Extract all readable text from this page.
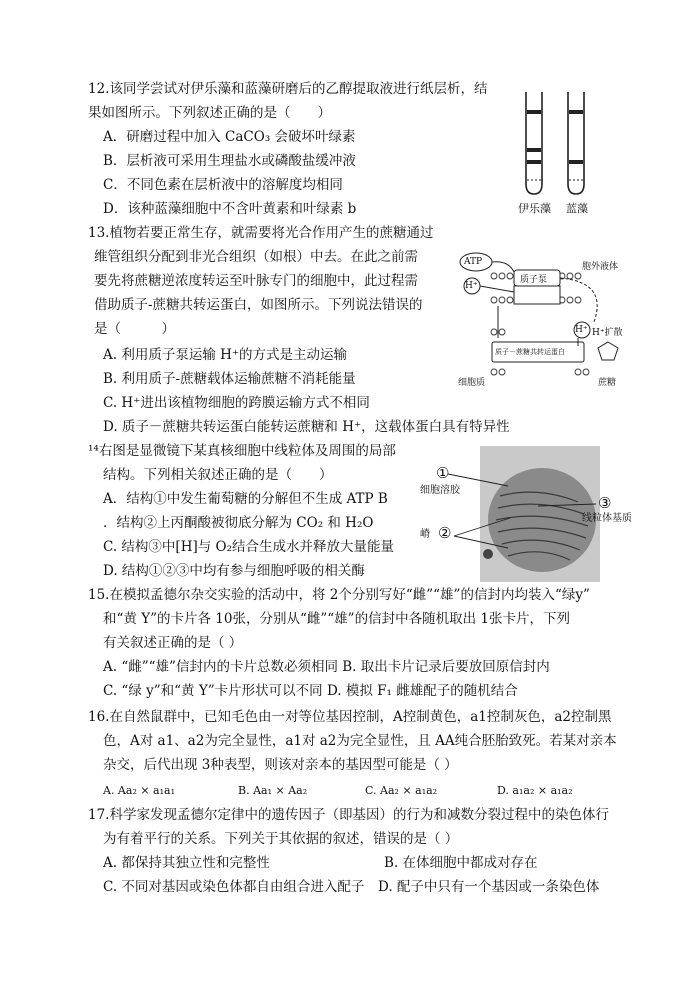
12.该同学尝试对伊乐藻和蓝藻研磨后的乙醇提取液进行纸层析，结
果如图所示。下列叙述正确的是（　　）
A．研磨过程中加入 CaCO₃ 会破坏叶绿素
B．层析液可采用生理盐水或磷酸盐缓冲液
C．不同色素在层析液中的溶解度均相同
D．该种蓝藻细胞中不含叶黄素和叶绿素 b	伊乐藻 蓝藻
13.植物若要正常生存，就需要将光合作用产生的蔗糖通过
维管组织分配到非光合组织（如根）中去。在此之前需
要先将蔗糖逆浓度转运至叶脉专门的细胞中，此过程需
借助质子-蔗糖共转运蛋白，如图所示。下列说法错误的
是（　　　）
A. 利用质子泵运输 H⁺的方式是主动运输
B. 利用质子-蔗糖载体运输蔗糖不消耗能量
C. H⁺进出该植物细胞的跨膜运输方式不相同
D. 质子－蔗糖共转运蛋白能转运蔗糖和 H⁺，这载体蛋白具有特异性
ATP
H⁺
质子泵
胞外液体
质子－蔗糖共转运蛋白
H⁺ H⁺扩散
细胞质	蔗糖
¹⁴右图是显微镜下某真核细胞中线粒体及周围的局部
结构。下列相关叙述正确的是（　　）
A．结构①中发生葡萄糖的分解但不生成 ATP B
．结构②上丙酮酸被彻底分解为 CO₂ 和 H₂O
C. 结构③中[H]与 O₂结合生成水并释放大量能量
D. 结构①②③中均有参与细胞呼吸的相关酶
①
细胞溶胶
③
线粒体基质
嵴 ②
15.在模拟孟德尔杂交实验的活动中，将 2个分别写好“雌”“雄”的信封内均装入“绿y”
和“黄 Y”的卡片各 10张，分别从“雌”“雄”的信封中各随机取出 1张卡片，下列
有关叙述正确的是（ ）
A. “雌”“雄”信封内的卡片总数必须相同 B. 取出卡片记录后要放回原信封内
C. “绿 y”和“黄 Y”卡片形状可以不同 D. 模拟 F₁ 雌雄配子的随机结合
16.在自然鼠群中，已知毛色由一对等位基因控制，A控制黄色，a1控制灰色，a2控制黑
色，A对 a1、a2为完全显性，a1对 a2为完全显性，且 AA纯合胚胎致死。若某对亲本
杂交，后代出现 3种表型，则该对亲本的基因型可能是（ ）
A. Aa₂ × a₁a₁	B. Aa₁ × Aa₂	C. Aa₂ × a₁a₂	D. a₁a₂ × a₁a₂
17.科学家发现孟德尔定律中的遗传因子（即基因）的行为和减数分裂过程中的染色体行
为有着平行的关系。下列关于其依据的叙述，错误的是（ ）
A. 都保持其独立性和完整性	B. 在体细胞中都成对存在
C. 不同对基因或染色体都自由组合进入配子 D. 配子中只有一个基因或一条染色体
